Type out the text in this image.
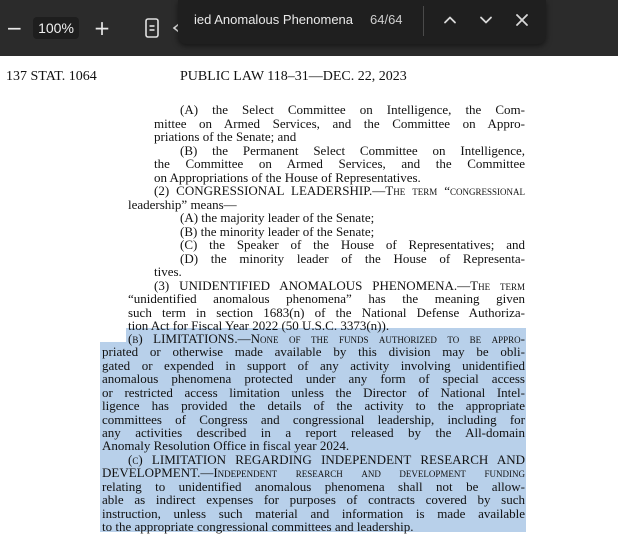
−	100% +	ied Anomalous Phenomena 64/64
137 STAT. 1064	PUBLIC LAW 118–31—DEC. 22, 2023
(A) the Select Committee on Intelligence, the Com-
mittee on Armed Services, and the Committee on Appro-
priations of the Senate; and
(B) the Permanent Select Committee on Intelligence,
the Committee on Armed Services, and the Committee
on Appropriations of the House of Representatives.
(2) CONGRESSIONAL LEADERSHIP.—The term “congressional
leadership” means—
(A) the majority leader of the Senate;
(B) the minority leader of the Senate;
(C) the Speaker of the House of Representatives; and
(D) the minority leader of the House of Representa-
tives.
(3) UNIDENTIFIED ANOMALOUS PHENOMENA.—The term
“unidentified anomalous phenomena” has the meaning given
such term in section 1683(n) of the National Defense Authoriza-
tion Act for Fiscal Year 2022 (50 U.S.C. 3373(n)).
(b) LIMITATIONS.—None of the funds authorized to be appro-
priated or otherwise made available by this division may be obli-
gated or expended in support of any activity involving unidentified
anomalous phenomena protected under any form of special access
or restricted access limitation unless the Director of National Intel-
ligence has provided the details of the activity to the appropriate
committees of Congress and congressional leadership, including for
any activities described in a report released by the All-domain
Anomaly Resolution Office in fiscal year 2024.
(c) LIMITATION REGARDING INDEPENDENT RESEARCH AND
DEVELOPMENT.—Independent research and development funding
relating to unidentified anomalous phenomena shall not be allow-
able as indirect expenses for purposes of contracts covered by such
instruction, unless such material and information is made available
to the appropriate congressional committees and leadership.
